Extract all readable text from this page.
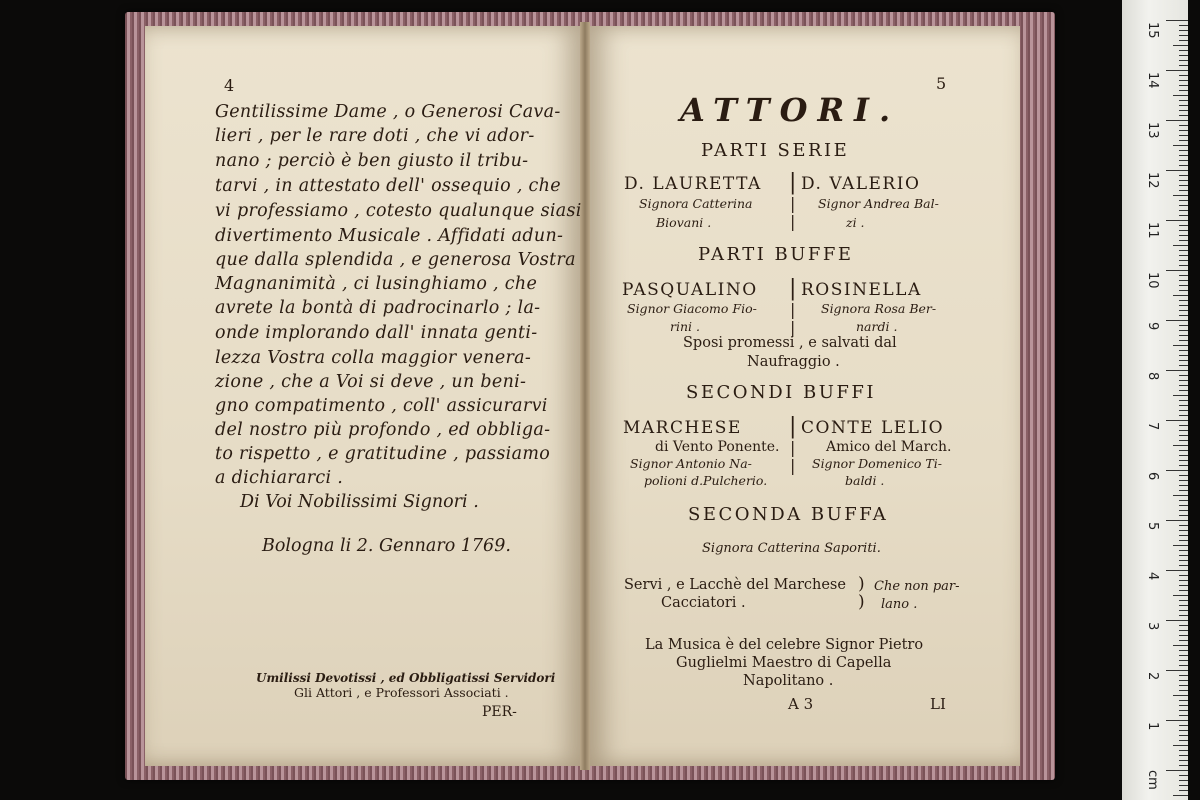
4
Gentilissime Dame , o Generosi Cava-
lieri , per le rare doti , che vi ador-
nano ; perciò è ben giusto il tribu-
tarvi , in attestato dell' ossequio , che
vi professiamo , cotesto qualunque siasi
divertimento Musicale . Affidati adun-
que dalla splendida , e generosa Vostra
Magnanimità , ci lusinghiamo , che
avrete la bontà di padrocinarlo ; la-
onde implorando dall' innata genti-
lezza Vostra colla maggior venera-
zione , che a Voi si deve , un beni-
gno compatimento , coll' assicurarvi
del nostro più profondo , ed obbliga-
to rispetto , e gratitudine , passiamo
a dichiararci .
Di Voi Nobilissimi Signori .
Bologna li 2. Gennaro 1769.
Umilissi Devotissi , ed Obbligatissi Servidori
Gli Attori , e Professori Associati .
PER-
5
ATTORI.
PARTI SERIE
D. LAURETTA
Signora Catterina
Biovani .
D. VALERIO
Signor Andrea Bal-
zi .
|
|
|
PARTI BUFFE
PASQUALINO
Signor Giacomo Fio-
rini .
ROSINELLA
Signora Rosa Ber-
nardi .
|
|
|
Sposi promessi , e salvati dal
Naufraggio .
SECONDI BUFFI
MARCHESE
di Vento Ponente.
Signor Antonio Na-
polioni d.Pulcherio.
CONTE LELIO
Amico del March.
Signor Domenico Ti-
baldi .
|
|
|
SECONDA BUFFA
Signora Catterina Saporiti.
Servi , e Lacchè del Marchese
Cacciatori .
)
)
Che non par-
lano .
La Musica è del celebre Signor Pietro
Guglielmi Maestro di Capella
Napolitano .
A 3	LI
15
14
13
12
11
10
9
8
7
6
5
4
3
2
1
cm
